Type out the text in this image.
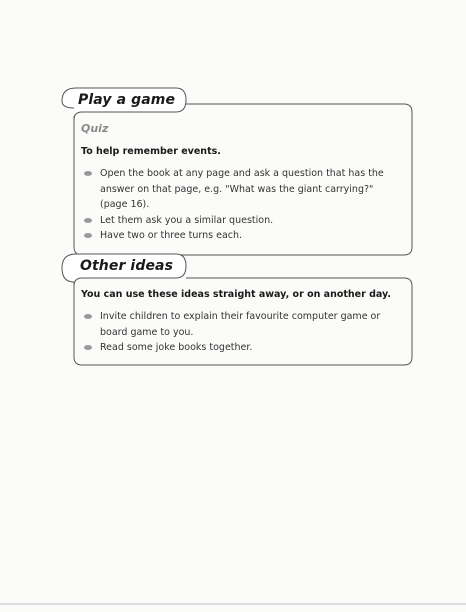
Play a game
Quiz
To help remember events.
Open the book at any page and ask a question that has the answer on that page, e.g. "What was the giant carrying?" (page 16).
Let them ask you a similar question.
Have two or three turns each.
Other ideas
You can use these ideas straight away, or on another day.
Invite children to explain their favourite computer game or board game to you.
Read some joke books together.
